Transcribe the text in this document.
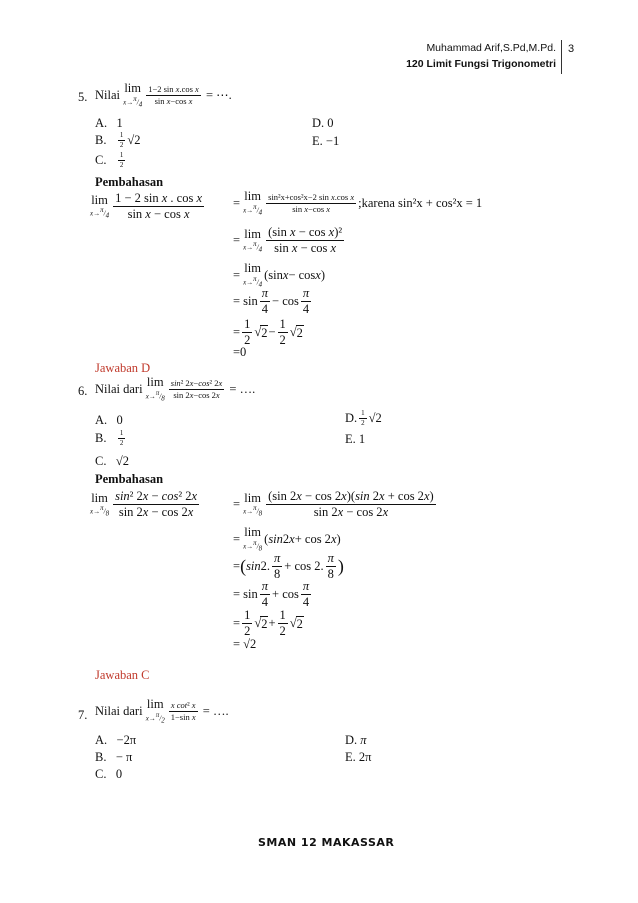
Muhammad Arif,S.Pd,M.Pd.
120 Limit Fungsi Trigonometri
3
5. Nilai
lim
$x\to^\pi/_4 \frac{\text{1−2 sin x.cos x}}{\text{sin x−cos x}}$
= ⋯.
A.   1
B. $\frac{1}{2} √2$
C. $\frac{1}{2}$
D. 0
E. −1
Pembahasan
lim
$x\to^\pi/_4 \frac{\text{1 − 2 sin x . cos x}}{\text{sin x − cos x}} = \lim$
$x\to^\pi/_4 \frac{\text{sin²x+cos²x−2 sin x.cos x}}{\text{sin x−cos x}}$ ;karena sin²x + cos²x = 1
= lim
$x\to^\pi/_4 \frac{\text{(sin x − cos x)²}}{\text{sin x − cos x}}$
= lim
$x\to^\pi/_4$
(sin x − cos x )
= $\sin \frac{\pi}{4} - \cos \frac{\pi}{4}$
= $\frac{1}{2}$ √ $2 - \frac{1}{2}$ √ 2
=0
Jawaban D
6. Nilai dari
lim
$x\to^\pi/_8 \frac{\text{sin² 2x−cos² 2x}}{\sin 2x-\cos 2x}$
= ….
A.   0
B. $\frac{1}{2}$
C.   √2
D. $\frac{1}{2} √2$
E. 1
Pembahasan
lim
$x\to^\pi/_8 \frac{\text{sin² 2x − cos² 2x}}{\sin 2x - \cos 2x}$	= lim
$x\to^\pi/_8 \frac{(\sin 2x - \cos 2x)(\sin 2x + \cos 2x)}{\sin 2x - \cos 2x}$
= lim
$x\to^\pi/_8$
( sin 2 x + cos 2 x )
= ( sin 2. $\frac{\pi}{8} + \cos 2$. $\frac{\pi}{8}$ )
= $\sin \frac{\pi}{4} + \cos \frac{\pi}{4}$
= $\frac{1}{2}$ √ $2 + \frac{1}{2}$ √ 2
= √2
Jawaban C
7. Nilai dari
lim
$x\to^\pi/_2 \frac{\text{x cot² x}}{\text{1−sin x}}$
= ….
A.   −2π
B.   − π
C.   0
D. π
E. 2π
SMAN 12 MAKASSAR
